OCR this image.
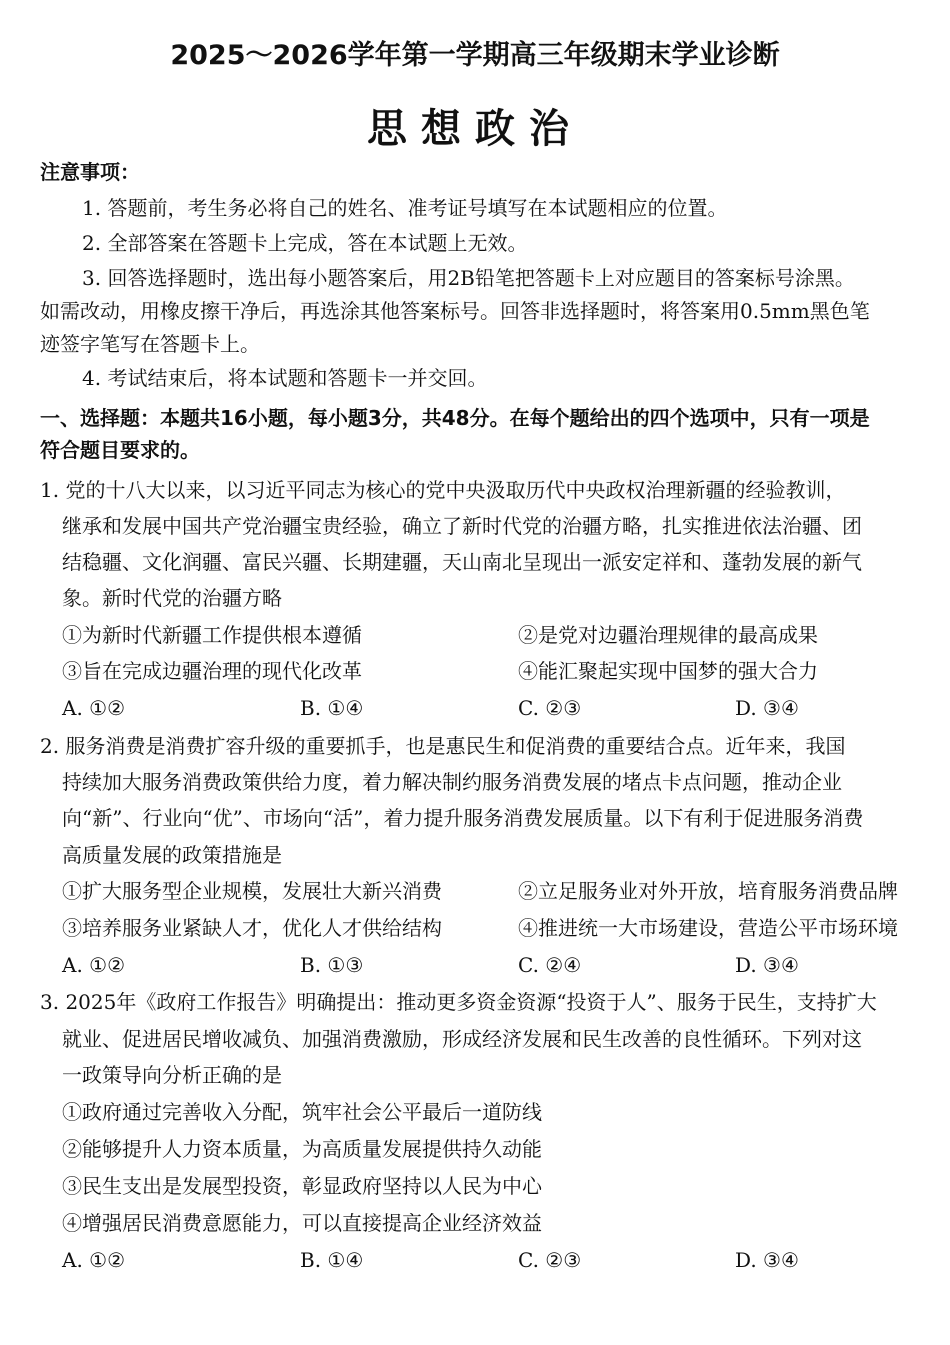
2025～2026学年第一学期高三年级期末学业诊断
思想政治
注意事项：
1. 答题前，考生务必将自己的姓名、准考证号填写在本试题相应的位置。
2. 全部答案在答题卡上完成，答在本试题上无效。
3. 回答选择题时，选出每小题答案后，用2B铅笔把答题卡上对应题目的答案标号涂黑。
如需改动，用橡皮擦干净后，再选涂其他答案标号。回答非选择题时，将答案用0.5mm黑色笔
迹签字笔写在答题卡上。
4. 考试结束后，将本试题和答题卡一并交回。
一、选择题：本题共16小题，每小题3分，共48分。在每个题给出的四个选项中，只有一项是
符合题目要求的。
1. 党的十八大以来，以习近平同志为核心的党中央汲取历代中央政权治理新疆的经验教训，
继承和发展中国共产党治疆宝贵经验，确立了新时代党的治疆方略，扎实推进依法治疆、团
结稳疆、文化润疆、富民兴疆、长期建疆，天山南北呈现出一派安定祥和、蓬勃发展的新气
象。新时代党的治疆方略
①为新时代新疆工作提供根本遵循	②是党对边疆治理规律的最高成果
③旨在完成边疆治理的现代化改革	④能汇聚起实现中国梦的强大合力
A. ①②	B. ①④	C. ②③	D. ③④
2. 服务消费是消费扩容升级的重要抓手，也是惠民生和促消费的重要结合点。近年来，我国
持续加大服务消费政策供给力度，着力解决制约服务消费发展的堵点卡点问题，推动企业
向“新”、行业向“优”、市场向“活”，着力提升服务消费发展质量。以下有利于促进服务消费
高质量发展的政策措施是
①扩大服务型企业规模，发展壮大新兴消费	②立足服务业对外开放，培育服务消费品牌
③培养服务业紧缺人才，优化人才供给结构	④推进统一大市场建设，营造公平市场环境
A. ①②	B. ①③	C. ②④	D. ③④
3. 2025年《政府工作报告》明确提出：推动更多资金资源“投资于人”、服务于民生，支持扩大
就业、促进居民增收减负、加强消费激励，形成经济发展和民生改善的良性循环。下列对这
一政策导向分析正确的是
①政府通过完善收入分配，筑牢社会公平最后一道防线
②能够提升人力资本质量，为高质量发展提供持久动能
③民生支出是发展型投资，彰显政府坚持以人民为中心
④增强居民消费意愿能力，可以直接提高企业经济效益
A. ①②	B. ①④	C. ②③	D. ③④
